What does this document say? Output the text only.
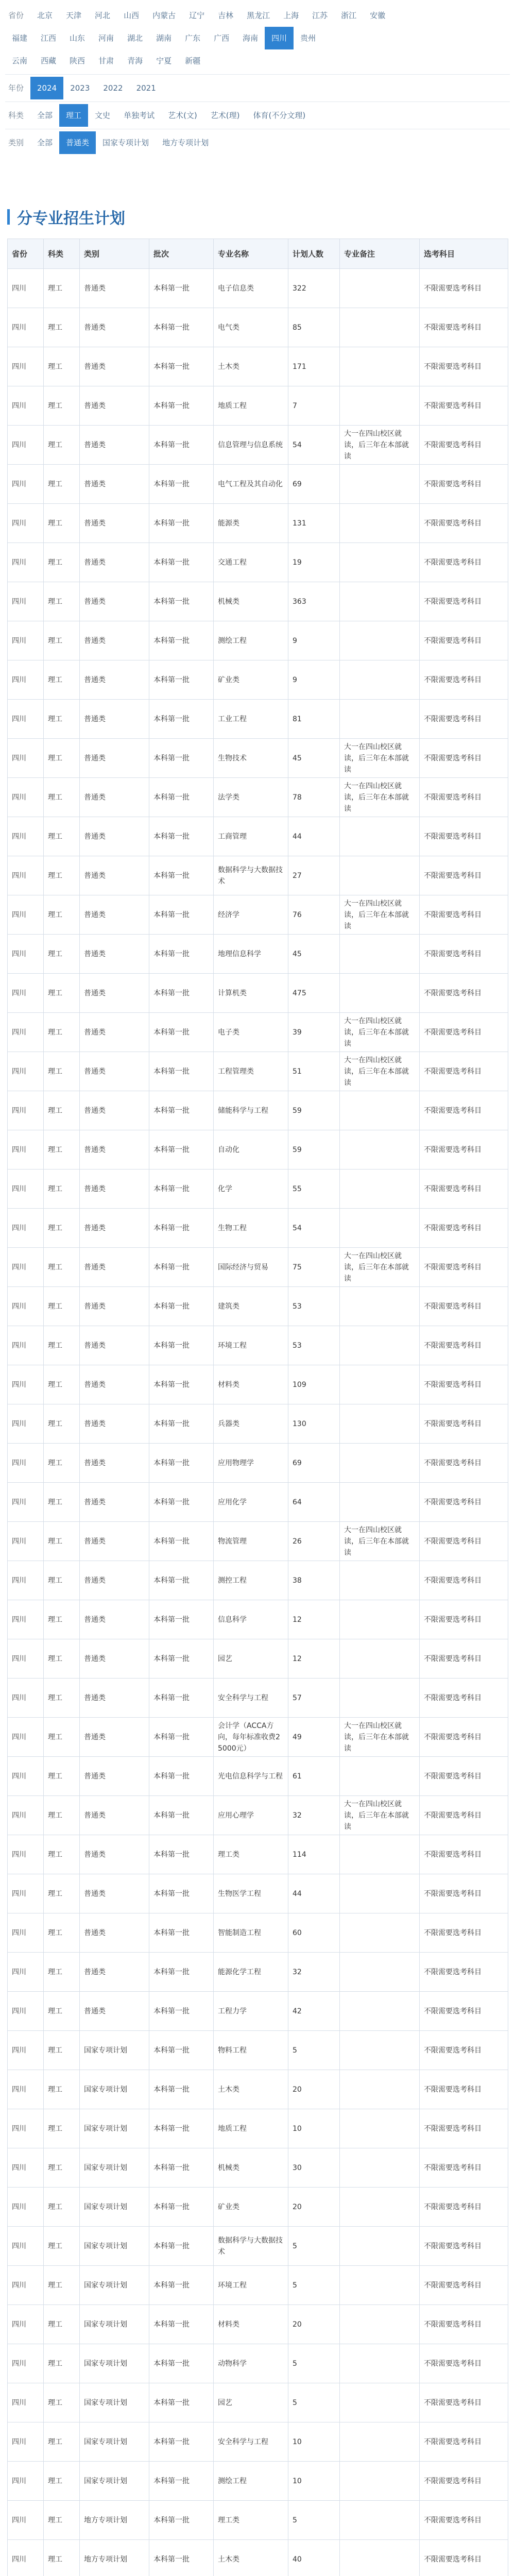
省份	北京	天津	河北	山西	内蒙古	辽宁	吉林	黑龙江	上海	江苏	浙江	安徽
福建	江西	山东	河南	湖北	湖南	广东	广西	海南	四川	贵州
云南	西藏	陕西	甘肃	青海	宁夏	新疆
年份	2024	2023	2022	2021
科类	全部	理工	文史	单独考试	艺术(文)	艺术(理)	体育(不分文理)
类别	全部	普通类	国家专项计划	地方专项计划
分专业招生计划
省份	科类	类别	批次	专业名称	计划人数	专业备注	选考科目
四川	理工	普通类	本科第一批	电子信息类	322		不限需要选考科目
四川	理工	普通类	本科第一批	电气类	85		不限需要选考科目
四川	理工	普通类	本科第一批	土木类	171		不限需要选考科目
四川	理工	普通类	本科第一批	地质工程	7		不限需要选考科目
四川	理工	普通类	本科第一批	信息管理与信息系统	54	大一在四山校区就读，后三年在本部就读	不限需要选考科目
四川	理工	普通类	本科第一批	电气工程及其自动化	69		不限需要选考科目
四川	理工	普通类	本科第一批	能源类	131		不限需要选考科目
四川	理工	普通类	本科第一批	交通工程	19		不限需要选考科目
四川	理工	普通类	本科第一批	机械类	363		不限需要选考科目
四川	理工	普通类	本科第一批	测绘工程	9		不限需要选考科目
四川	理工	普通类	本科第一批	矿业类	9		不限需要选考科目
四川	理工	普通类	本科第一批	工业工程	81		不限需要选考科目
四川	理工	普通类	本科第一批	生物技术	45	大一在四山校区就读，后三年在本部就读	不限需要选考科目
四川	理工	普通类	本科第一批	法学类	78	大一在四山校区就读，后三年在本部就读	不限需要选考科目
四川	理工	普通类	本科第一批	工商管理	44		不限需要选考科目
四川	理工	普通类	本科第一批	数据科学与大数据技术	27		不限需要选考科目
四川	理工	普通类	本科第一批	经济学	76	大一在四山校区就读，后三年在本部就读	不限需要选考科目
四川	理工	普通类	本科第一批	地理信息科学	45		不限需要选考科目
四川	理工	普通类	本科第一批	计算机类	475		不限需要选考科目
四川	理工	普通类	本科第一批	电子类	39	大一在四山校区就读，后三年在本部就读	不限需要选考科目
四川	理工	普通类	本科第一批	工程管理类	51	大一在四山校区就读，后三年在本部就读	不限需要选考科目
四川	理工	普通类	本科第一批	储能科学与工程	59		不限需要选考科目
四川	理工	普通类	本科第一批	自动化	59		不限需要选考科目
四川	理工	普通类	本科第一批	化学	55		不限需要选考科目
四川	理工	普通类	本科第一批	生物工程	54		不限需要选考科目
四川	理工	普通类	本科第一批	国际经济与贸易	75	大一在四山校区就读，后三年在本部就读	不限需要选考科目
四川	理工	普通类	本科第一批	建筑类	53		不限需要选考科目
四川	理工	普通类	本科第一批	环境工程	53		不限需要选考科目
四川	理工	普通类	本科第一批	材料类	109		不限需要选考科目
四川	理工	普通类	本科第一批	兵器类	130		不限需要选考科目
四川	理工	普通类	本科第一批	应用物理学	69		不限需要选考科目
四川	理工	普通类	本科第一批	应用化学	64		不限需要选考科目
四川	理工	普通类	本科第一批	物流管理	26	大一在四山校区就读，后三年在本部就读	不限需要选考科目
四川	理工	普通类	本科第一批	测控工程	38		不限需要选考科目
四川	理工	普通类	本科第一批	信息科学	12		不限需要选考科目
四川	理工	普通类	本科第一批	园艺	12		不限需要选考科目
四川	理工	普通类	本科第一批	安全科学与工程	57		不限需要选考科目
四川	理工	普通类	本科第一批	会计学（ACCA方向，每年标准收费25000元）	49	大一在四山校区就读，后三年在本部就读	不限需要选考科目
四川	理工	普通类	本科第一批	光电信息科学与工程	61		不限需要选考科目
四川	理工	普通类	本科第一批	应用心理学	32	大一在四山校区就读，后三年在本部就读	不限需要选考科目
四川	理工	普通类	本科第一批	理工类	114		不限需要选考科目
四川	理工	普通类	本科第一批	生物医学工程	44		不限需要选考科目
四川	理工	普通类	本科第一批	智能制造工程	60		不限需要选考科目
四川	理工	普通类	本科第一批	能源化学工程	32		不限需要选考科目
四川	理工	普通类	本科第一批	工程力学	42		不限需要选考科目
四川	理工	国家专项计划	本科第一批	物料工程	5		不限需要选考科目
四川	理工	国家专项计划	本科第一批	土木类	20		不限需要选考科目
四川	理工	国家专项计划	本科第一批	地质工程	10		不限需要选考科目
四川	理工	国家专项计划	本科第一批	机械类	30		不限需要选考科目
四川	理工	国家专项计划	本科第一批	矿业类	20		不限需要选考科目
四川	理工	国家专项计划	本科第一批	数据科学与大数据技术	5		不限需要选考科目
四川	理工	国家专项计划	本科第一批	环境工程	5		不限需要选考科目
四川	理工	国家专项计划	本科第一批	材料类	20		不限需要选考科目
四川	理工	国家专项计划	本科第一批	动物科学	5		不限需要选考科目
四川	理工	国家专项计划	本科第一批	园艺	5		不限需要选考科目
四川	理工	国家专项计划	本科第一批	安全科学与工程	10		不限需要选考科目
四川	理工	国家专项计划	本科第一批	测绘工程	10		不限需要选考科目
四川	理工	地方专项计划	本科第一批	理工类	5		不限需要选考科目
四川	理工	地方专项计划	本科第一批	土木类	40		不限需要选考科目
